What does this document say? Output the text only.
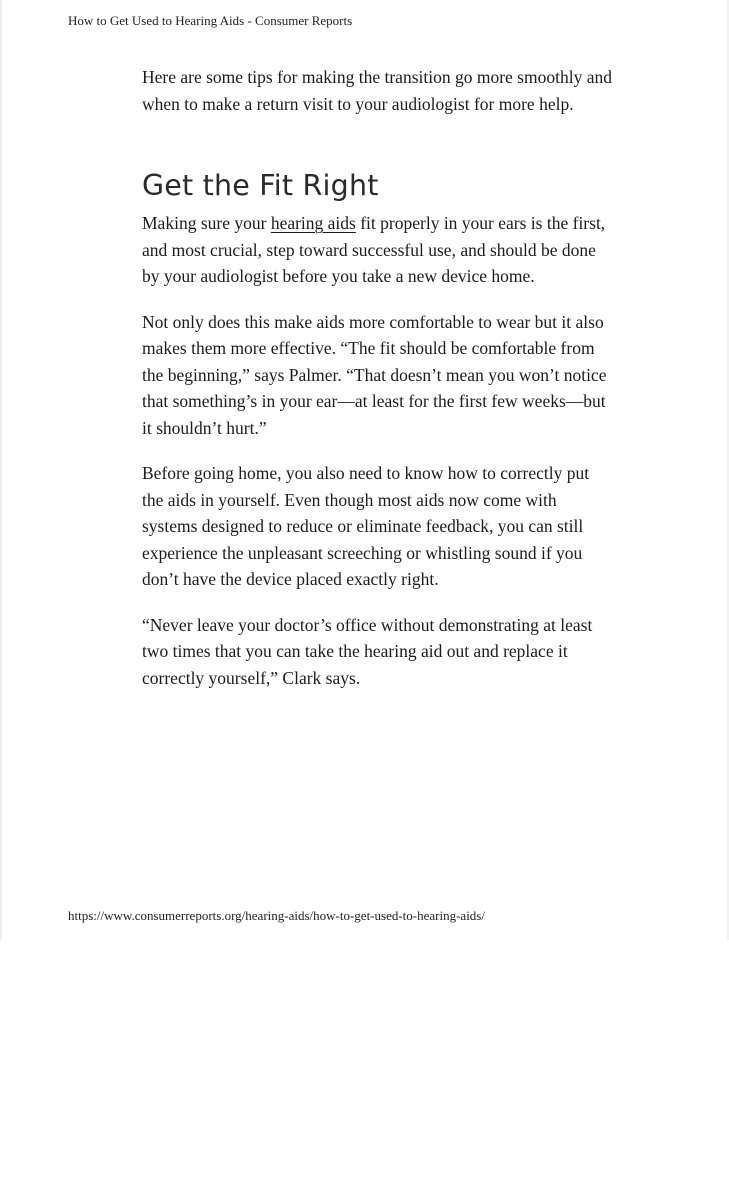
How to Get Used to Hearing Aids - Consumer Reports

Here are some tips for making the transition go more smoothly and when to make a return visit to your audiologist for more help.

Get the Fit Right

Making sure your hearing aids fit properly in your ears is the first, and most crucial, step toward successful use, and should be done by your audiologist before you take a new device home.

Not only does this make aids more comfortable to wear but it also makes them more effective. “The fit should be comfortable from the beginning,” says Palmer. “That doesn’t mean you won’t notice that something’s in your ear—at least for the first few weeks—but it shouldn’t hurt.”

Before going home, you also need to know how to correctly put the aids in yourself. Even though most aids now come with systems designed to reduce or eliminate feedback, you can still experience the unpleasant screeching or whistling sound if you don’t have the device placed exactly right.

“Never leave your doctor’s office without demonstrating at least two times that you can take the hearing aid out and replace it correctly yourself,” Clark says.

https://www.consumerreports.org/hearing-aids/how-to-get-used-to-hearing-aids/
